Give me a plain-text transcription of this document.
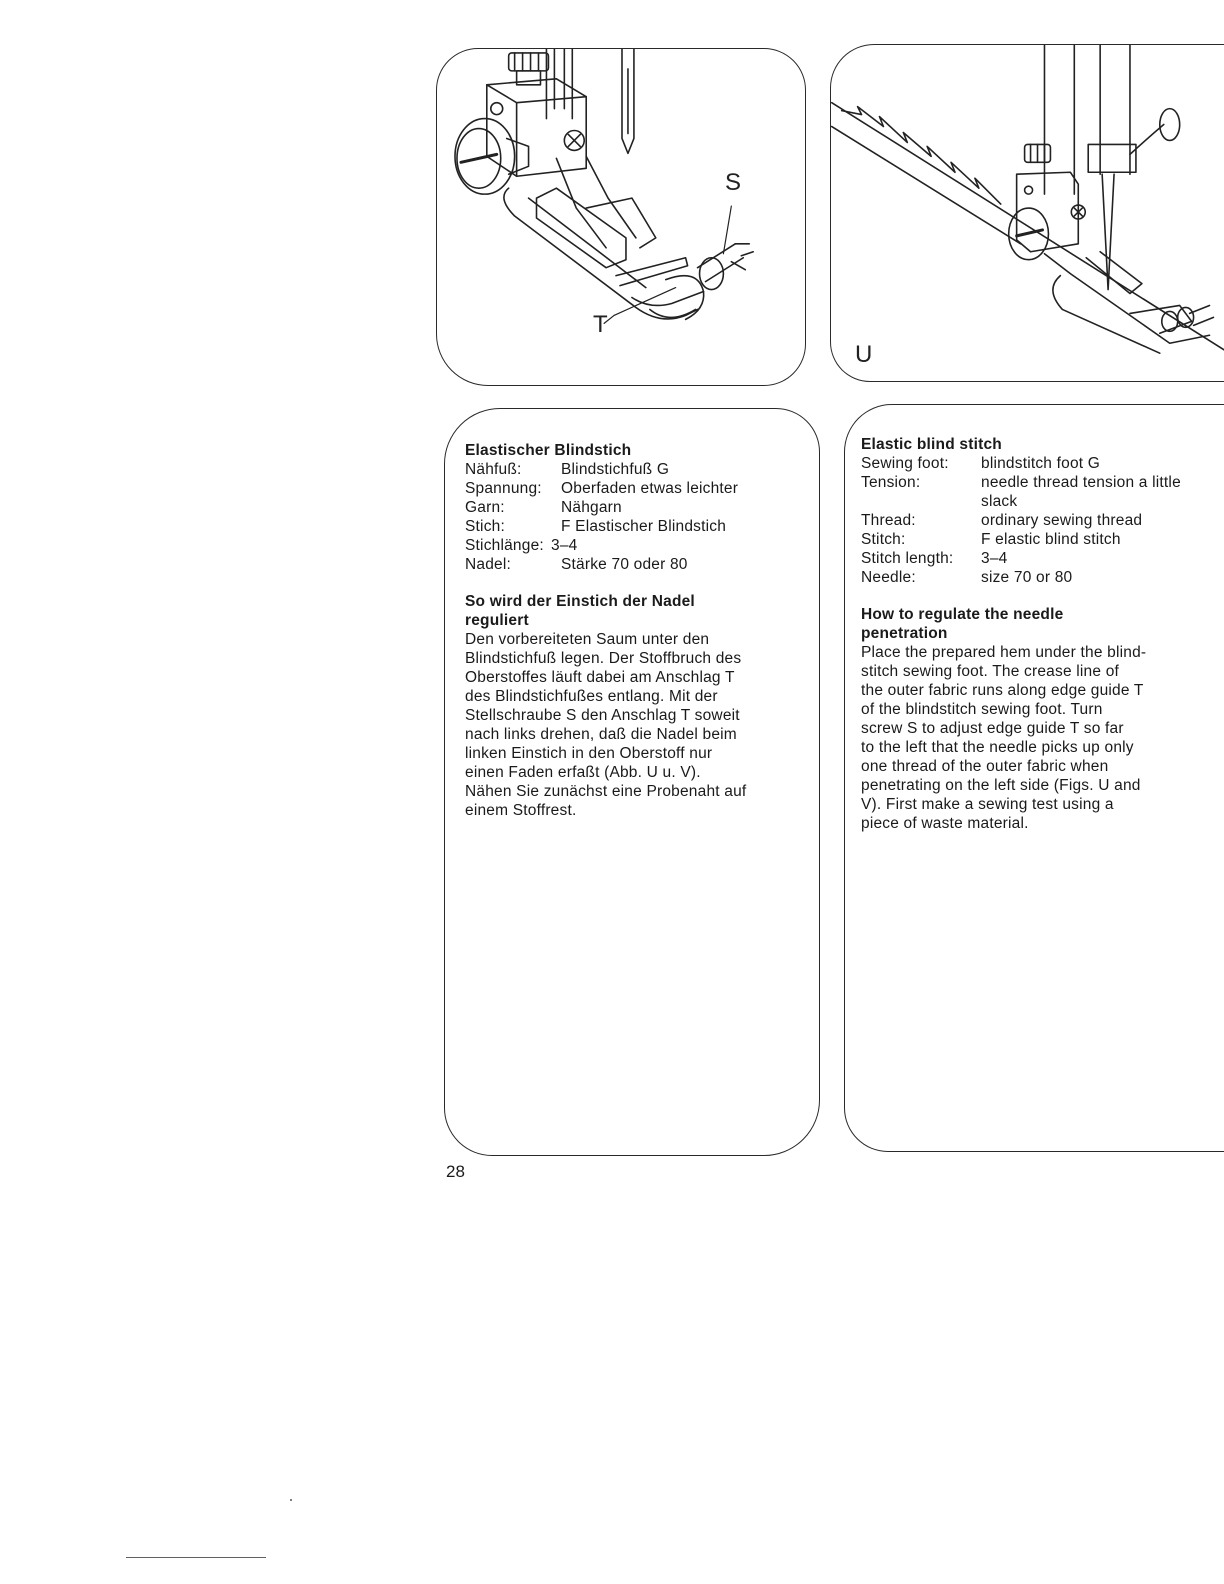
S
T
U

Elastischer Blindstich

Nähfuß:	Blindstichfuß G
Spannung:	Oberfaden etwas leichter
Garn:	Nähgarn
Stich:	F Elastischer Blindstich
Stichlänge: 3–4
Nadel:	Stärke 70 oder 80

So wird der Einstich der Nadel

reguliert

Den vorbereiteten Saum unter den

Blindstichfuß legen. Der Stoffbruch des

Oberstoffes läuft dabei am Anschlag T

des Blindstichfußes entlang. Mit der

Stellschraube S den Anschlag T soweit

nach links drehen, daß die Nadel beim

linken Einstich in den Oberstoff nur

einen Faden erfaßt (Abb. U u. V).

Nähen Sie zunächst eine Probenaht auf

einem Stoffrest.

Elastic blind stitch

Sewing foot:	blindstitch foot G
Tension:	needle thread tension a little slack
Thread:	ordinary sewing thread
Stitch:	F elastic blind stitch
Stitch length:	3–4
Needle:	size 70 or 80

How to regulate the needle

penetration

Place the prepared hem under the blind-

stitch sewing foot. The crease line of

the outer fabric runs along edge guide T

of the blindstitch sewing foot. Turn

screw S to adjust edge guide T so far

to the left that the needle picks up only

one thread of the outer fabric when

penetrating on the left side (Figs. U and

V). First make a sewing test using a

piece of waste material.

28
